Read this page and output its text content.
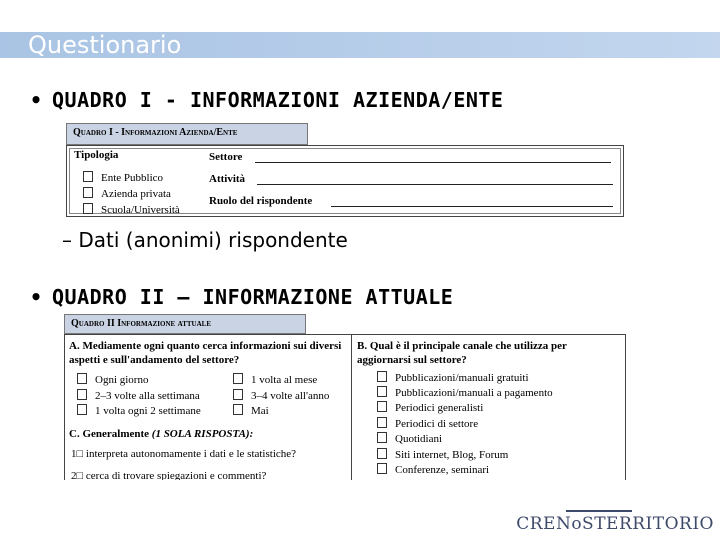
Questionario
• QUADRO I - INFORMAZIONI AZIENDA/ENTE
Quadro I - Informazioni Azienda/Ente
Tipologia
Ente Pubblico
Azienda privata
Scuola/Università
Settore
Attività
Ruolo del rispondente
– Dati (anonimi) rispondente
• QUADRO II – INFORMAZIONE ATTUALE
Quadro II Informazione attuale
A. Mediamente ogni quanto cerca informazioni sui diversi aspetti e sull'andamento del settore?
Ogni giorno
2–3 volte alla settimana
1 volta ogni 2 settimane
1 volta al mese
3–4 volte all'anno
Mai
C. Generalmente (1 SOLA RISPOSTA):
1□ interpreta autonomamente i dati e le statistiche?
2□ cerca di trovare spiegazioni e commenti?
B. Qual è il principale canale che utilizza per aggiornarsi sul settore?
Pubblicazioni/manuali gratuiti
Pubblicazioni/manuali a pagamento
Periodici generalisti
Periodici di settore
Quotidiani
Siti internet, Blog, Forum
Conferenze, seminari
CRENoSTERRITORIO
